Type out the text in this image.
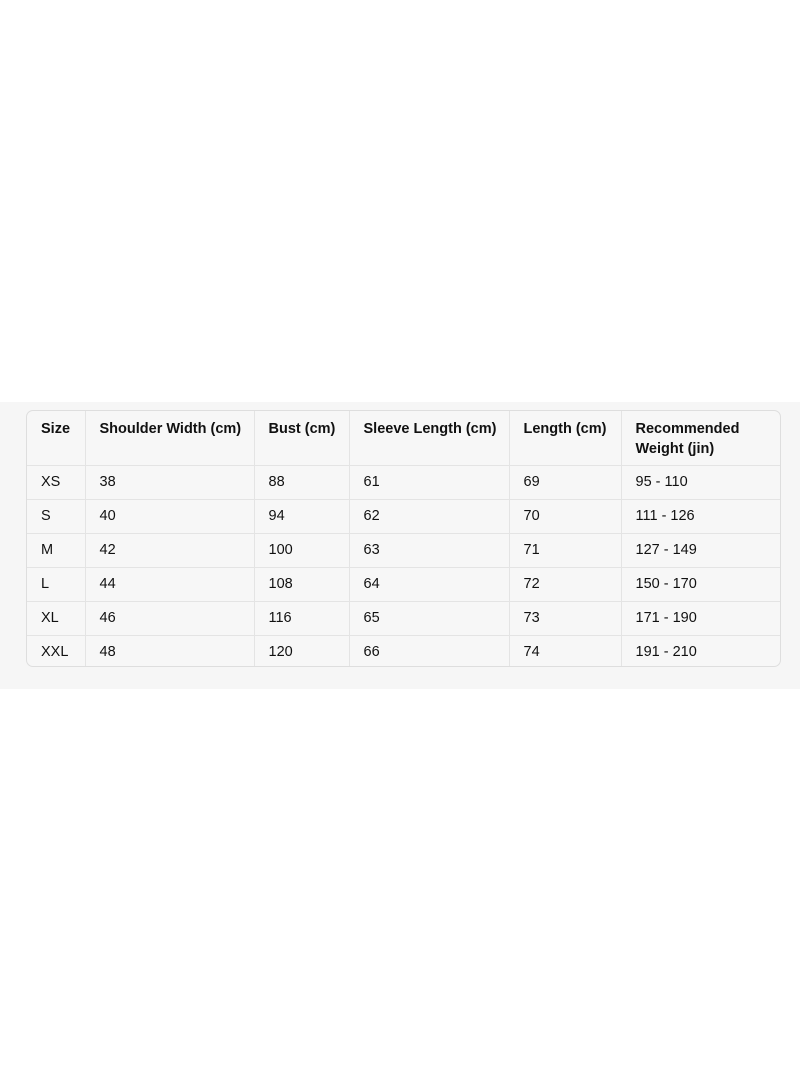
Size	Shoulder Width (cm)	Bust (cm)	Sleeve Length (cm)	Length (cm)	Recommended Weight (jin)
XS	38	88	61	69	95 - 110
S	40	94	62	70	111 - 126
M	42	100	63	71	127 - 149
L	44	108	64	72	150 - 170
XL	46	116	65	73	171 - 190
XXL	48	120	66	74	191 - 210
